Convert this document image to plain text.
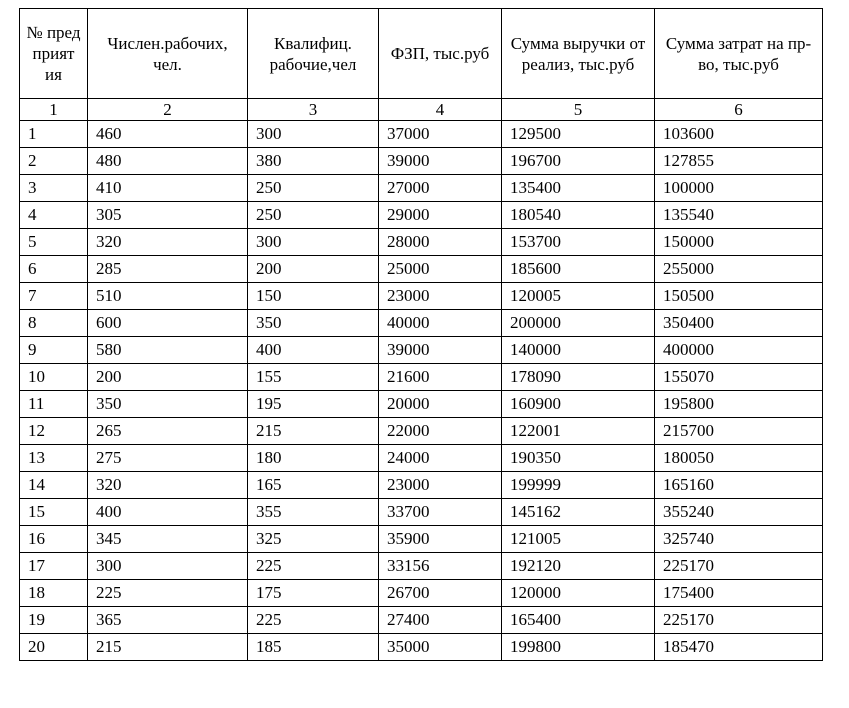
№ пред прият ия	Числен.рабочих, чел.	Квалифиц. рабочие,чел	ФЗП, тыс.руб	Сумма выручки от реализ, тыс.руб	Сумма затрат на пр-во, тыс.руб
1	2	3	4	5	6
1	460	300	37000	129500	103600
2	480	380	39000	196700	127855
3	410	250	27000	135400	100000
4	305	250	29000	180540	135540
5	320	300	28000	153700	150000
6	285	200	25000	185600	255000
7	510	150	23000	120005	150500
8	600	350	40000	200000	350400
9	580	400	39000	140000	400000
10	200	155	21600	178090	155070
11	350	195	20000	160900	195800
12	265	215	22000	122001	215700
13	275	180	24000	190350	180050
14	320	165	23000	199999	165160
15	400	355	33700	145162	355240
16	345	325	35900	121005	325740
17	300	225	33156	192120	225170
18	225	175	26700	120000	175400
19	365	225	27400	165400	225170
20	215	185	35000	199800	185470
